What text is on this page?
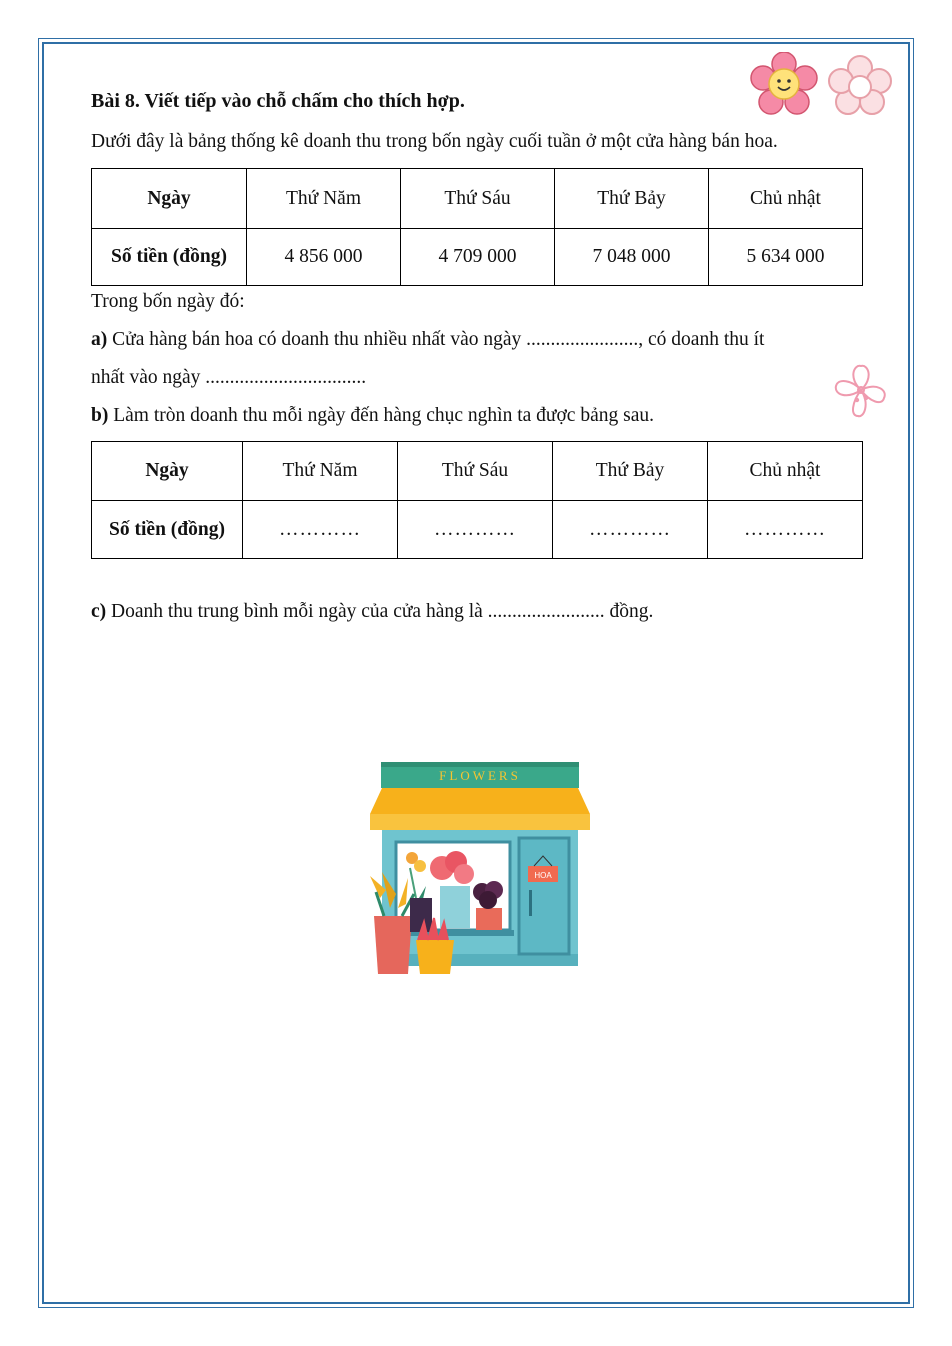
Bài 8. Viết tiếp vào chỗ chấm cho thích hợp.
Dưới đây là bảng thống kê doanh thu trong bốn ngày cuối tuần ở một cửa hàng bán hoa.
Ngày	Thứ Năm	Thứ Sáu	Thứ Bảy	Chủ nhật
Số tiền (đồng)	4 856 000	4 709 000	7 048 000	5 634 000
Trong bốn ngày đó:
a) Cửa hàng bán hoa có doanh thu nhiều nhất vào ngày ......................., có doanh thu ít
nhất vào ngày .................................
b) Làm tròn doanh thu mỗi ngày đến hàng chục nghìn ta được bảng sau.
Ngày	Thứ Năm	Thứ Sáu	Thứ Bảy	Chủ nhật
Số tiền (đồng)	…………	…………	…………	…………
c) Doanh thu trung bình mỗi ngày của cửa hàng là ........................ đồng.
FLOWERS
HOA
